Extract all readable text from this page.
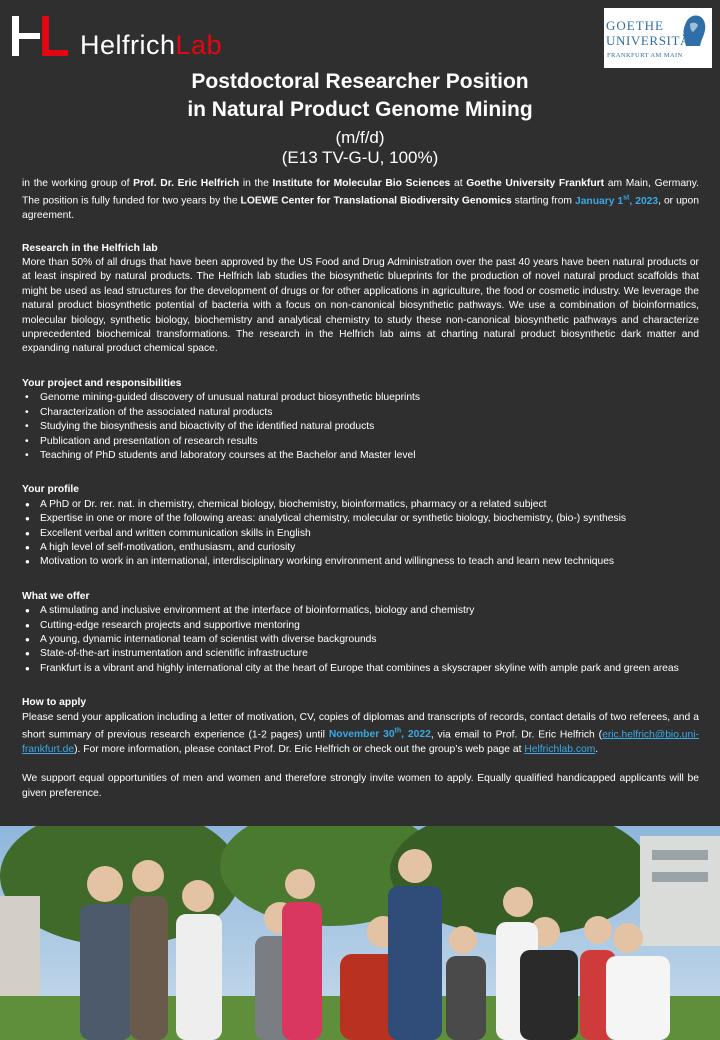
HelfrichLab
GOETHE
UNIVERSITÄT
FRANKFURT AM MAIN
Postdoctoral Researcher Position
in Natural Product Genome Mining
(m/f/d)
(E13 TV-G-U, 100%)

in the working group of Prof. Dr. Eric Helfrich in the Institute for Molecular Bio Sciences at Goethe University Frankfurt am Main, Germany. The position is fully funded for two years by the LOEWE Center for Translational Biodiversity Genomics starting from January 1st, 2023, or upon agreement.

Research in the Helfrich lab

More than 50% of all drugs that have been approved by the US Food and Drug Administration over the past 40 years have been natural products or at least inspired by natural products. The Helfrich lab studies the biosynthetic blueprints for the production of novel natural product scaffolds that might be used as lead structures for the development of drugs or for other applications in agriculture, the food or cosmetic industry. We leverage the natural product biosynthetic potential of bacteria with a focus on non-canonical biosynthetic pathways. We use a combination of bioinformatics, molecular biology, synthetic biology, biochemistry and analytical chemistry to study these non-canonical biosynthetic pathways and characterize unprecedented biochemical transformations. The research in the Helfrich lab aims at charting natural product biosynthetic dark matter and expanding natural product chemical space.

Your project and responsibilities
• Genome mining-guided discovery of unusual natural product biosynthetic blueprints
• Characterization of the associated natural products
• Studying the biosynthesis and bioactivity of the identified natural products
• Publication and presentation of research results
• Teaching of PhD students and laboratory courses at the Bachelor and Master level
Your profile
● A PhD or Dr. rer. nat. in chemistry, chemical biology, biochemistry, bioinformatics, pharmacy or a related subject
● Expertise in one or more of the following areas: analytical chemistry, molecular or synthetic biology, biochemistry, (bio-) synthesis
● Excellent verbal and written communication skills in English
● A high level of self-motivation, enthusiasm, and curiosity
● Motivation to work in an international, interdisciplinary working environment and willingness to teach and learn new techniques
What we offer
● A stimulating and inclusive environment at the interface of bioinformatics, biology and chemistry
● Cutting-edge research projects and supportive mentoring
● A young, dynamic international team of scientist with diverse backgrounds
● State-of-the-art instrumentation and scientific infrastructure
● Frankfurt is a vibrant and highly international city at the heart of Europe that combines a skyscraper skyline with ample park and green areas
How to apply

Please send your application including a letter of motivation, CV, copies of diplomas and transcripts of records, contact details of two referees, and a short summary of previous research experience (1-2 pages) until November 30th, 2022, via email to Prof. Dr. Eric Helfrich (eric.helfrich@bio.uni-frankfurt.de). For more information, please contact Prof. Dr. Eric Helfrich or check out the group’s web page at Helfrichlab.com.

We support equal opportunities of men and women and therefore strongly invite women to apply. Equally qualified handicapped applicants will be given preference.
